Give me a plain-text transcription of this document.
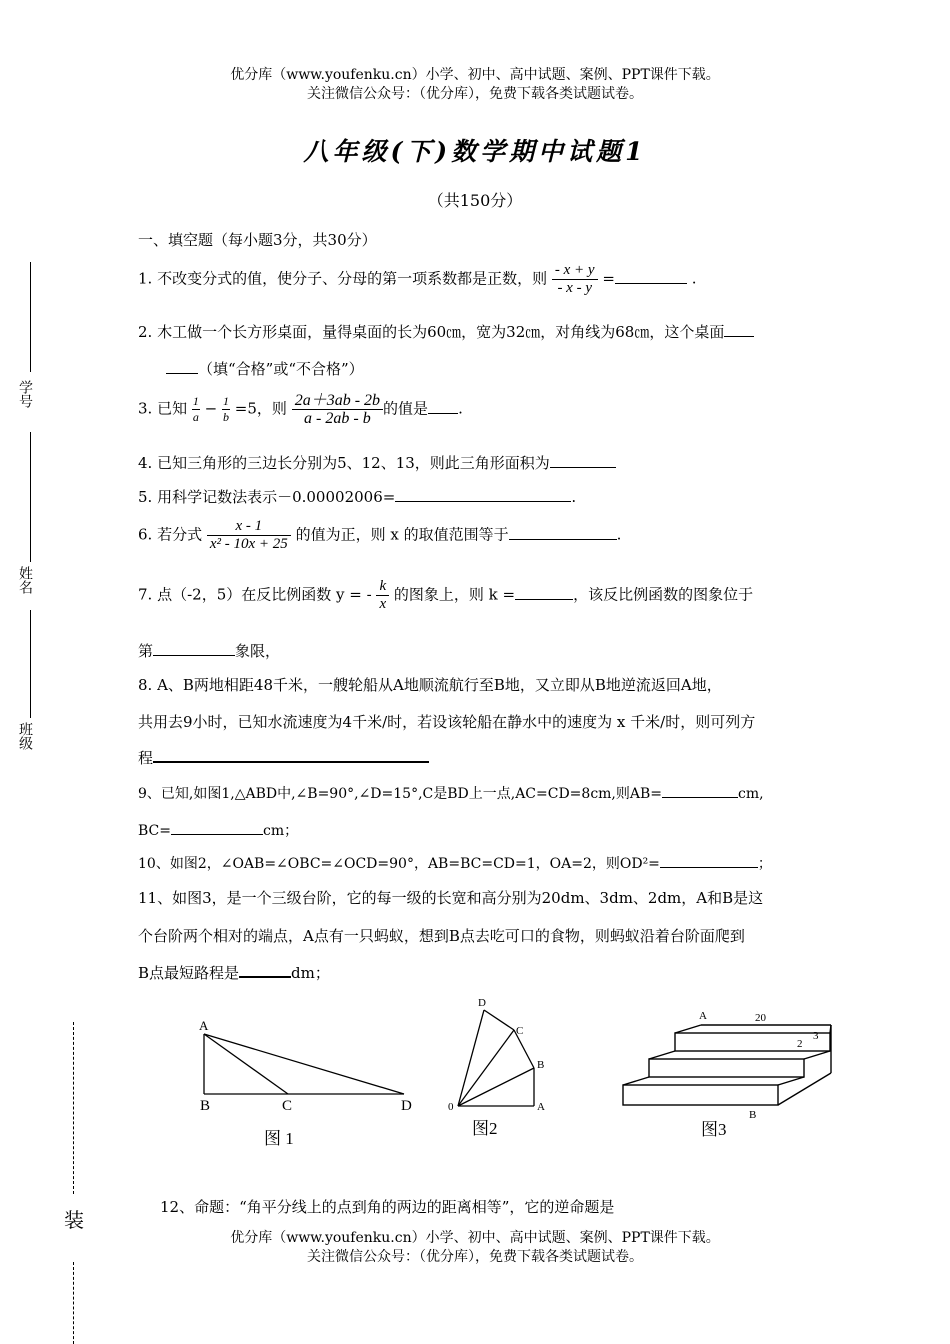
优分库（www.youfenku.cn）小学、初中、高中试题、案例、PPT课件下载。
关注微信公众号：（优分库），免费下载各类试题试卷。
八年级(下)数学期中试题1
（共150分）
一、填空题（每小题3分，共30分）
1. 不改变分式的值，使分子、分母的第一项系数都是正数，则 $\frac{- x + y}{- x - y}$ =	.
2. 木工做一个长方形桌面，量得桌面的长为60㎝，宽为32㎝，对角线为68㎝，这个桌面
（填“合格”或“不合格”）
3. 已知 $\frac{1}{a} - \frac{1}{b} =5$，则 $\frac{2a+3ab - 2b}{a - 2ab - b}$ 的值是 .
4. 已知三角形的三边长分别为5、12、13，则此三角形面积为
5. 用科学记数法表示－0.00002006=	.
6. 若分式 $\frac{x - 1}{\text{x² - 10x + 25}}$ 的值为正，则 x 的取值范围等于	.
7. 点（-2，5）在反比例函数 y = - $\frac{k}{x}$ 的图象上，则 k =	，该反比例函数的图象位于
第	象限，
8. A、B两地相距48千米，一艘轮船从A地顺流航行至B地，又立即从B地逆流返回A地，
共用去9小时，已知水流速度为4千米/时，若设该轮船在静水中的速度为 x 千米/时，则可列方
程
9、已知,如图1,△ABD中,∠B=90°,∠D=15°,C是BD上一点,AC=CD=8cm,则AB=	cm,
BC=	cm；
10、如图2，∠OAB=∠OBC=∠OCD=90°，AB=BC=CD=1，OA=2，则OD²=	；
11、如图3，是一个三级台阶，它的每一级的长宽和高分别为20dm、3dm、2dm，A和B是这
个台阶两个相对的端点，A点有一只蚂蚁，想到B点去吃可口的食物，则蚂蚁沿着台阶面爬到
B点最短路程是	dm；
A
B	C	D
图 1
0	A
B
C
D
图2
A	20
2
3
B
图3
12、命题：“角平分线上的点到角的两边的距离相等”，它的逆命题是
优分库（www.youfenku.cn）小学、初中、高中试题、案例、PPT课件下载。
关注微信公众号：（优分库），免费下载各类试题试卷。
学号
姓名
班级
装
